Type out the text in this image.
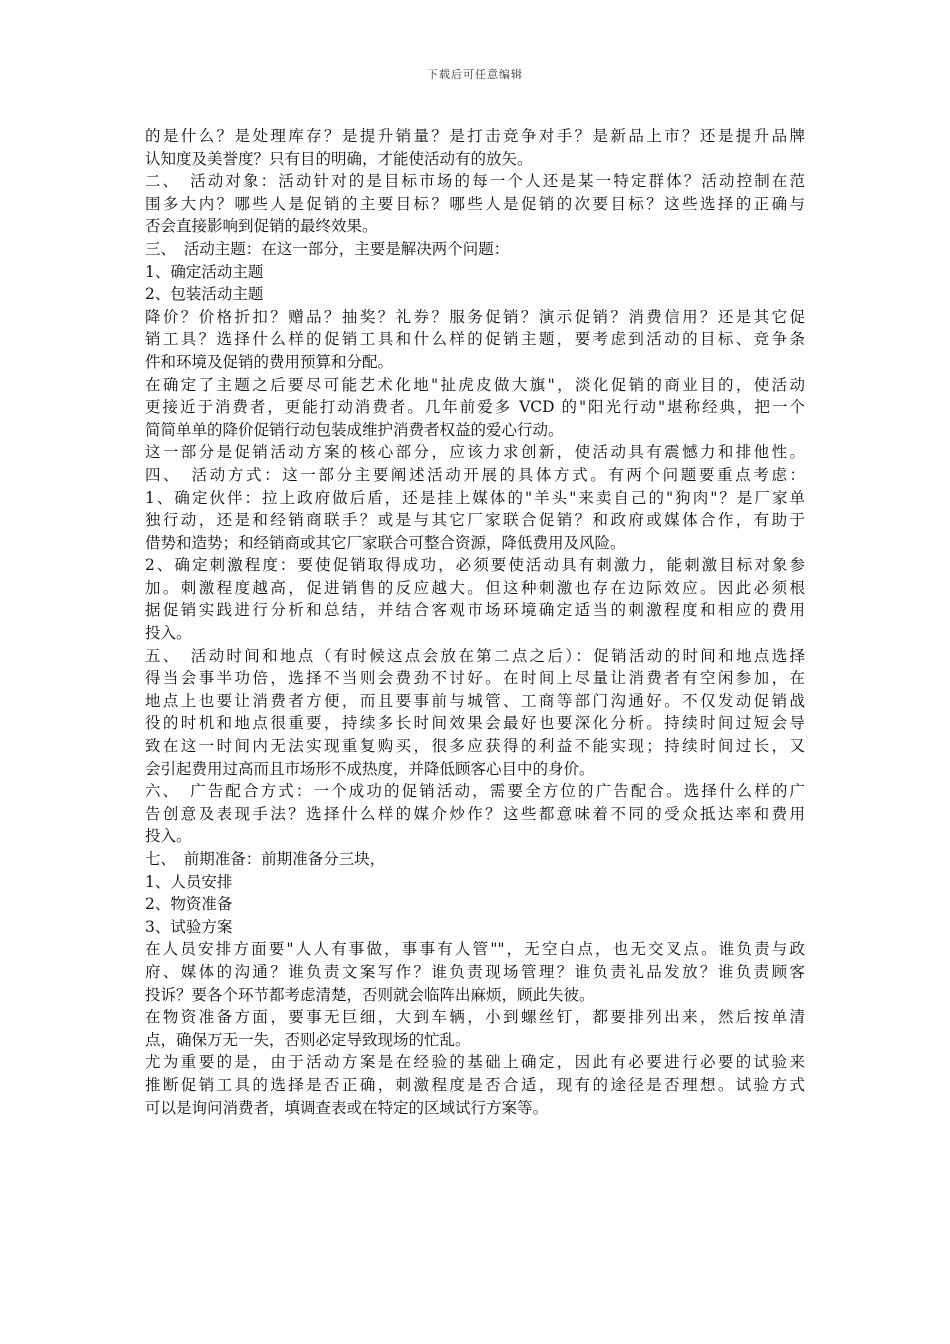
下载后可任意编辑
的是什么？是处理库存？是提升销量？是打击竞争对手？是新品上市？还是提升品牌
认知度及美誉度？只有目的明确，才能使活动有的放矢。
二、　活动对象：活动针对的是目标市场的每一个人还是某一特定群体？活动控制在范
围多大内？哪些人是促销的主要目标？哪些人是促销的次要目标？这些选择的正确与
否会直接影响到促销的最终效果。
三、　活动主题：在这一部分，主要是解决两个问题：
1、确定活动主题
2、包装活动主题
降价？价格折扣？赠品？抽奖？礼券？服务促销？演示促销？消费信用？还是其它促
销工具？选择什么样的促销工具和什么样的促销主题，要考虑到活动的目标、竞争条
件和环境及促销的费用预算和分配。
在确定了主题之后要尽可能艺术化地"扯虎皮做大旗"，淡化促销的商业目的，使活动
更接近于消费者，更能打动消费者。几年前爱多 VCD 的"阳光行动"堪称经典，把一个
简简单单的降价促销行动包装成维护消费者权益的爱心行动。
这一部分是促销活动方案的核心部分，应该力求创新，使活动具有震憾力和排他性。
四、　活动方式：这一部分主要阐述活动开展的具体方式。有两个问题要重点考虑：
1、确定伙伴：拉上政府做后盾，还是挂上媒体的"羊头"来卖自己的"狗肉"？是厂家单
独行动，还是和经销商联手？或是与其它厂家联合促销？和政府或媒体合作，有助于
借势和造势；和经销商或其它厂家联合可整合资源，降低费用及风险。
2、确定刺激程度：要使促销取得成功，必须要使活动具有刺激力，能刺激目标对象参
加。刺激程度越高，促进销售的反应越大。但这种刺激也存在边际效应。因此必须根
据促销实践进行分析和总结，并结合客观市场环境确定适当的刺激程度和相应的费用
投入。
五、　活动时间和地点（有时候这点会放在第二点之后）：促销活动的时间和地点选择
得当会事半功倍，选择不当则会费劲不讨好。在时间上尽量让消费者有空闲参加，在
地点上也要让消费者方便，而且要事前与城管、工商等部门沟通好。不仅发动促销战
役的时机和地点很重要，持续多长时间效果会最好也要深化分析。持续时间过短会导
致在这一时间内无法实现重复购买，很多应获得的利益不能实现；持续时间过长，又
会引起费用过高而且市场形不成热度，并降低顾客心目中的身价。
六、　广告配合方式：一个成功的促销活动，需要全方位的广告配合。选择什么样的广
告创意及表现手法？选择什么样的媒介炒作？这些都意味着不同的受众抵达率和费用
投入。
七、　前期准备：前期准备分三块，
1、人员安排
2、物资准备
3、试验方案
在人员安排方面要"人人有事做，事事有人管""，无空白点，也无交叉点。谁负责与政
府、媒体的沟通？谁负责文案写作？谁负责现场管理？谁负责礼品发放？谁负责顾客
投诉？要各个环节都考虑清楚，否则就会临阵出麻烦，顾此失彼。
在物资准备方面，要事无巨细，大到车辆，小到螺丝钉，都要排列出来，然后按单清
点，确保万无一失，否则必定导致现场的忙乱。
尤为重要的是，由于活动方案是在经验的基础上确定，因此有必要进行必要的试验来
推断促销工具的选择是否正确，刺激程度是否合适，现有的途径是否理想。试验方式
可以是询问消费者，填调查表或在特定的区域试行方案等。
